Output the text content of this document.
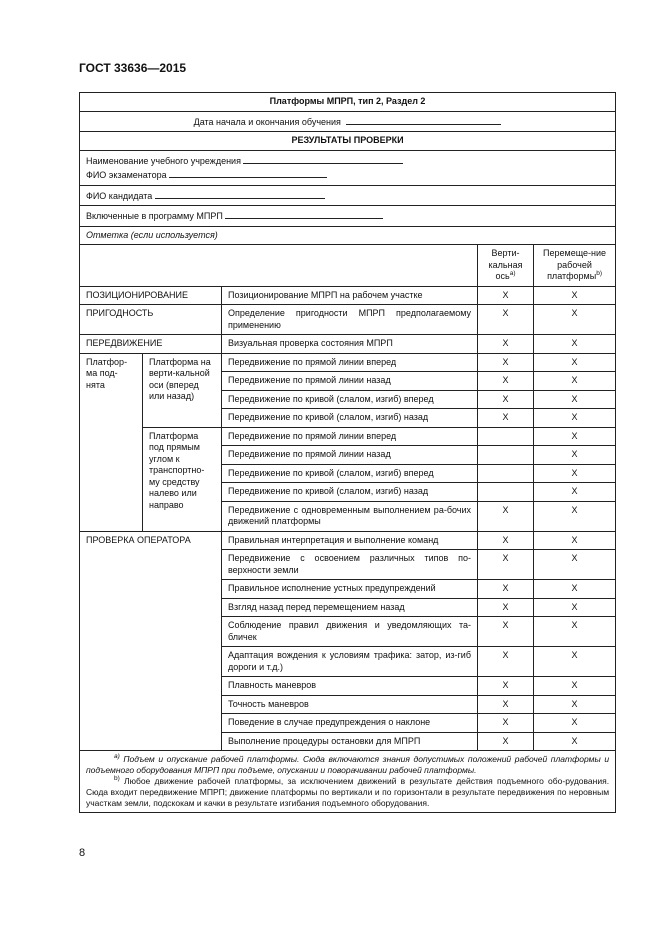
ГОСТ 33636—2015
Платформы МПРП, тип 2, Раздел 2				
Дата начала и окончания обучения				
РЕЗУЛЬТАТЫ ПРОВЕРКИ				

Наименование учебного учреждения
ФИО экзаменатора				

ФИО кандидата				
Включенные в программу МПРП				
Отметка (если используется)				
			Верти-кальная ось$^{a)}$	Перемеще-ние рабочей платформы$^{b)}$
ПОЗИЦИОНИРОВАНИЕ		Позиционирование МПРП на рабочем участке	X	X
ПРИГОДНОСТЬ		Определение пригодности МПРП предполагаемому применению	X	X
ПЕРЕДВИЖЕНИЕ		Визуальная проверка состояния МПРП	X	X
Платфор-ма под-нята	Платформа на верти-кальной оси (вперед или назад)	Передвижение по прямой линии вперед	X	X
		Передвижение по прямой линии назад	X	X
		Передвижение по кривой (слалом, изгиб) вперед	X	X
		Передвижение по кривой (слалом, изгиб) назад	X	X
	Платформа под прямым углом к транспортно-му средству налево или направо	Передвижение по прямой линии вперед		X
		Передвижение по прямой линии назад		X
		Передвижение по кривой (слалом, изгиб) вперед		X
		Передвижение по кривой (слалом, изгиб) назад		X
		Передвижение с одновременным выполнением ра-бочих движений платформы	X	X
ПРОВЕРКА ОПЕРАТОРА		Правильная интерпретация и выполнение команд	X	X
		Передвижение с освоением различных типов по-верхности земли	X	X
		Правильное исполнение устных предупреждений	X	X
		Взгляд назад перед перемещением назад	X	X
		Соблюдение правил движения и уведомляющих та-бличек	X	X
		Адаптация вождения к условиям трафика: затор, из-гиб дороги и т.д.)	X	X
		Плавность маневров	X	X
		Точность маневров	X	X
		Поведение в случае предупреждения о наклоне	X	X
		Выполнение процедуры остановки для МПРП	X	X

$^{a)}$ Подъем и опускание рабочей платформы. Сюда включаются знания допустимых положений рабочей платформы и подъемного оборудования МПРП при подъеме, опускании и поворачивании рабочей платформы.
$^{b)}$ Любое движение рабочей платформы, за исключением движений в результате действия подъемного обо-рудования. Сюда входит передвижение МПРП; движение платформы по вертикали и по горизонтали в результате передвижения по неровным участкам земли, подскокам и качки в результате изгибания подъемного оборудования.				
8
